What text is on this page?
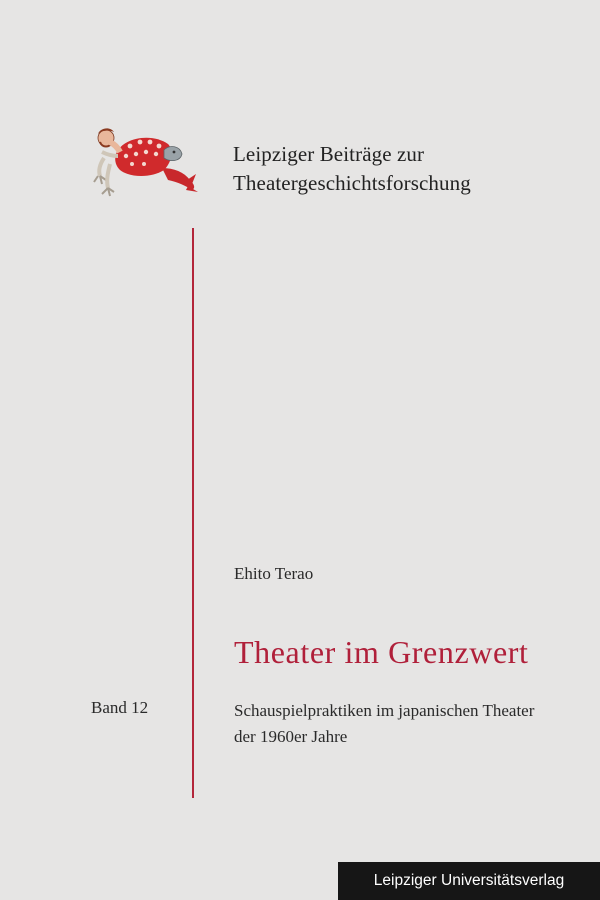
Leipziger Beiträge zur
Theatergeschichtsforschung
Ehito Terao
Theater im Grenzwert
Band 12	Schauspielpraktiken im japanischen Theater
der 1960er Jahre
Leipziger Universitätsverlag
